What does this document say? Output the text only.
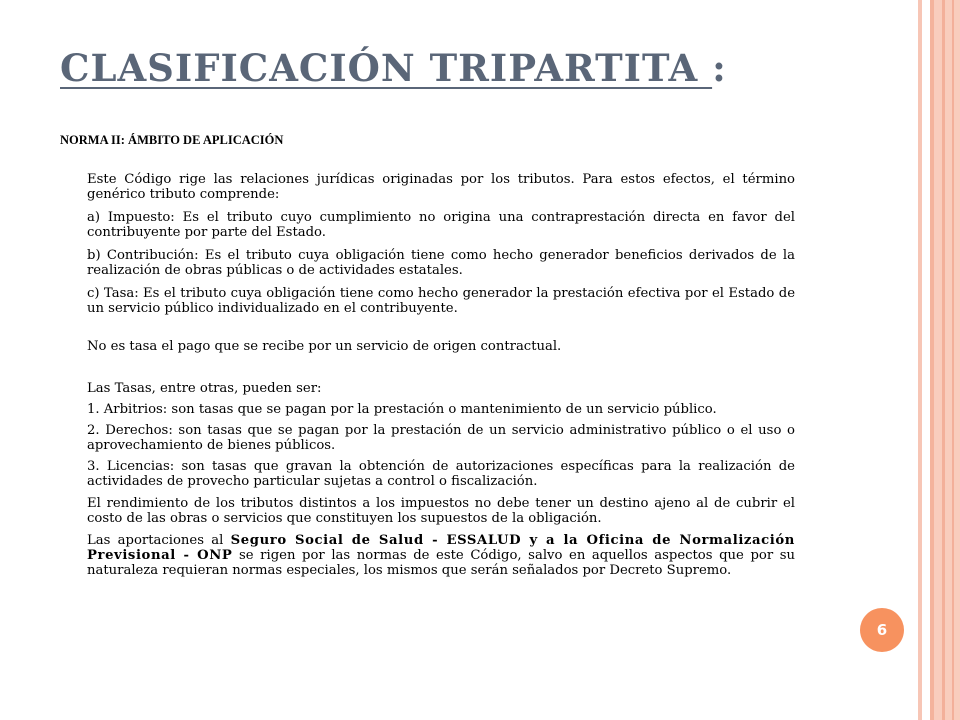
CLASIFICACIÓN TRIPARTITA :

NORMA II: ÁMBITO DE APLICACIÓN

Este Código rige las relaciones jurídicas originadas por los tributos. Para estos efectos, el término genérico tributo comprende:

a) Impuesto: Es el tributo cuyo cumplimiento no origina una contraprestación directa en favor del contribuyente por parte del Estado.

b) Contribución: Es el tributo cuya obligación tiene como hecho generador beneficios derivados de la realización de obras públicas o de actividades estatales.

c) Tasa: Es el tributo cuya obligación tiene como hecho generador la prestación efectiva por el Estado de un servicio público individualizado en el contribuyente.

No es tasa el pago que se recibe por un servicio de origen contractual.

Las Tasas, entre otras, pueden ser:

1. Arbitrios: son tasas que se pagan por la prestación o mantenimiento de un servicio público.

2. Derechos: son tasas que se pagan por la prestación de un servicio administrativo público o el uso o aprovechamiento de bienes públicos.

3. Licencias: son tasas que gravan la obtención de autorizaciones específicas para la realización de actividades de provecho particular sujetas a control o fiscalización.

El rendimiento de los tributos distintos a los impuestos no debe tener un destino ajeno al de cubrir el costo de las obras o servicios que constituyen los supuestos de la obligación.

Las aportaciones al Seguro Social de Salud - ESSALUD y a la Oficina de Normalización Previsional - ONP se rigen por las normas de este Código, salvo en aquellos aspectos que por su naturaleza requieran normas especiales, los mismos que serán señalados por Decreto Supremo.

6
